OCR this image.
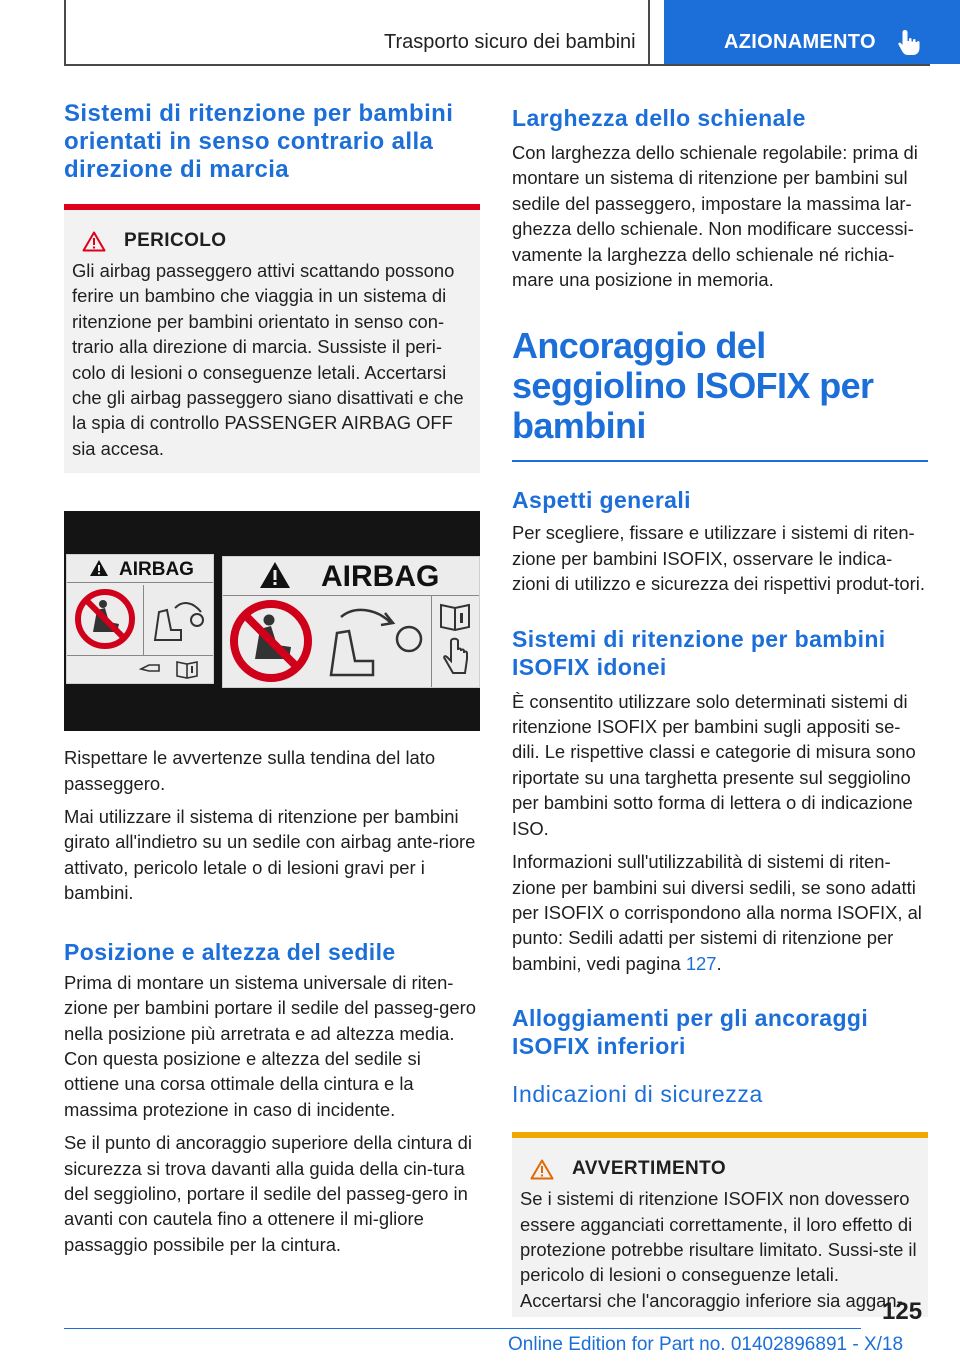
Trasporto sicuro dei bambini	AZIONAMENTO
Sistemi di ritenzione per bambini orientati in senso contrario alla direzione di marcia
PERICOLO

Gli airbag passeggero attivi scattando possono ferire un bambino che viaggia in un sistema di ritenzione per bambini orientato in senso con-trario alla direzione di marcia. Sussiste il peri-colo di lesioni o conseguenze letali. Accertarsi che gli airbag passeggero siano disattivati e che la spia di controllo PASSENGER AIRBAG OFF sia accesa.

AIRBAG	AIRBAG

Rispettare le avvertenze sulla tendina del lato passeggero.

Mai utilizzare il sistema di ritenzione per bambini girato all'indietro su un sedile con airbag ante-riore attivato, pericolo letale o di lesioni gravi per i bambini.

Posizione e altezza del sedile

Prima di montare un sistema universale di riten-zione per bambini portare il sedile del passeg-gero nella posizione più arretrata e ad altezza media. Con questa posizione e altezza del sedile si ottiene una corsa ottimale della cintura e la massima protezione in caso di incidente.

Se il punto di ancoraggio superiore della cintura di sicurezza si trova davanti alla guida della cin-tura del seggiolino, portare il sedile del passeg-gero in avanti con cautela fino a ottenere il mi-gliore passaggio possibile per la cintura.

Larghezza dello schienale

Con larghezza dello schienale regolabile: prima di montare un sistema di ritenzione per bambini sul sedile del passeggero, impostare la massima lar-ghezza dello schienale. Non modificare successi-vamente la larghezza dello schienale né richia-mare una posizione in memoria.

Ancoraggio del seggiolino ISOFIX per bambini
Aspetti generali

Per scegliere, fissare e utilizzare i sistemi di riten-zione per bambini ISOFIX, osservare le indica-zioni di utilizzo e sicurezza dei rispettivi produt-tori.

Sistemi di ritenzione per bambini ISOFIX idonei

È consentito utilizzare solo determinati sistemi di ritenzione ISOFIX per bambini sugli appositi se-dili. Le rispettive classi e categorie di misura sono riportate su una targhetta presente sul seggiolino per bambini sotto forma di lettera o di indicazione ISO.

Informazioni sull'utilizzabilità di sistemi di riten-zione per bambini sui diversi sedili, se sono adatti per ISOFIX o corrispondono alla norma ISOFIX, al punto: Sedili adatti per sistemi di ritenzione per bambini, vedi pagina 127.

Alloggiamenti per gli ancoraggi ISOFIX inferiori
Indicazioni di sicurezza
AVVERTIMENTO

Se i sistemi di ritenzione ISOFIX non dovessero essere agganciati correttamente, il loro effetto di protezione potrebbe risultare limitato. Sussi-ste il pericolo di lesioni o conseguenze letali. Accertarsi che l'ancoraggio inferiore sia aggan-

125
Online Edition for Part no. 01402896891 - X/18
